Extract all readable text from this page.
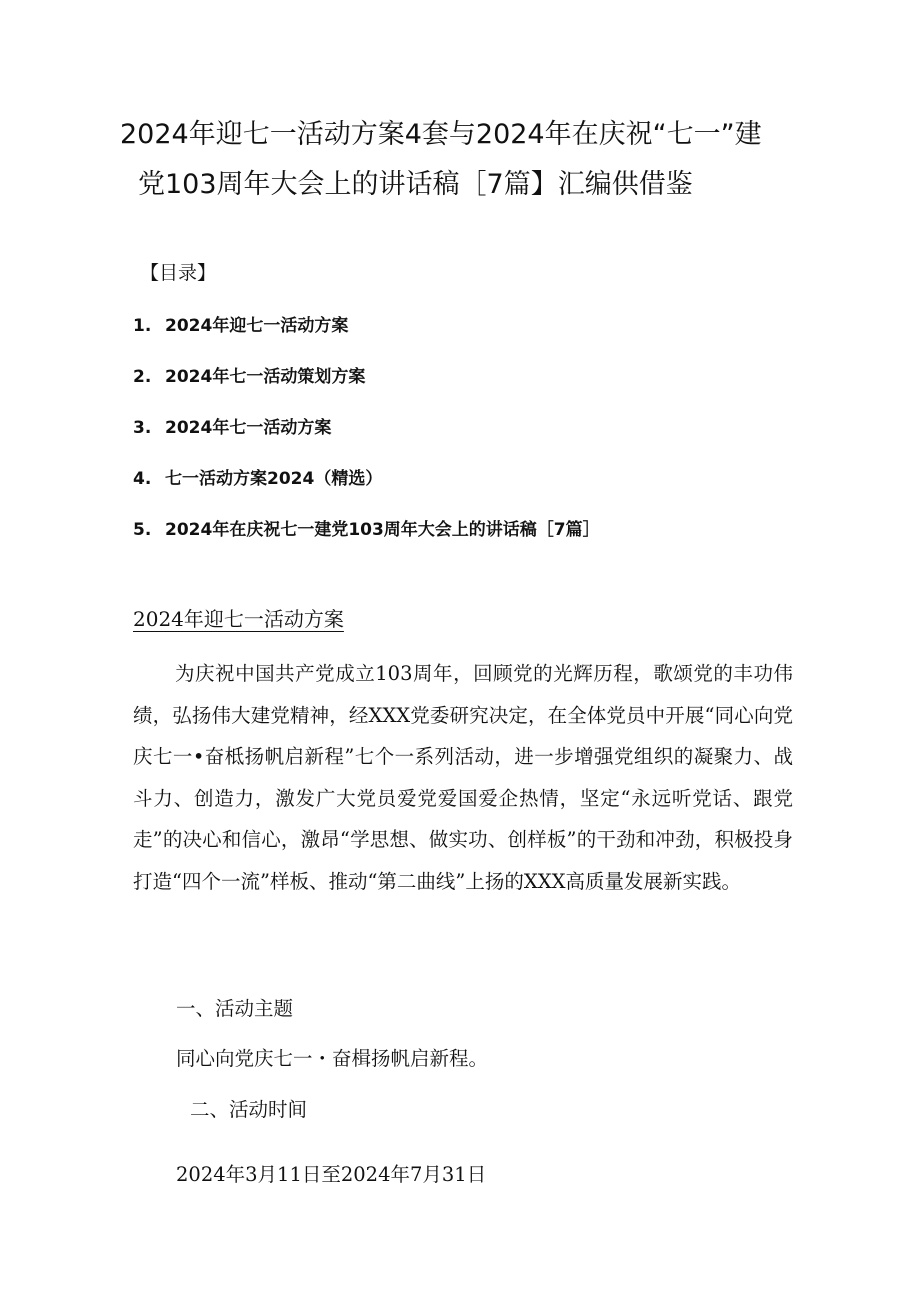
2024年迎七一活动方案4套与2024年在庆祝“七一”建
党103周年大会上的讲话稿［7篇】汇编供借鉴

【目录】

1. 2024年迎七一活动方案
2. 2024年七一活动策划方案
3. 2024年七一活动方案
4. 七一活动方案2024（精选）
5. 2024年在庆祝七一建党103周年大会上的讲话稿［7篇］
2024年迎七一活动方案

为庆祝中国共产党成立103周年，回顾党的光辉历程，歌颂党的丰功伟绩，弘扬伟大建党精神，经XXX党委研究决定，在全体党员中开展“同心向党庆七一•奋柢扬帆启新程”七个一系列活动，进一步增强党组织的凝聚力、战斗力、创造力，激发广大党员爱党爱国爱企热情，坚定“永远听党话、跟党走”的决心和信心，激昂“学思想、做实功、创样板”的干劲和冲劲，积极投身打造“四个一流”样板、推动“第二曲线”上扬的XXX高质量发展新实践。

一、活动主题

同心向党庆七一・奋楫扬帆启新程。

二、活动时间

2024年3月11日至2024年7月31日
